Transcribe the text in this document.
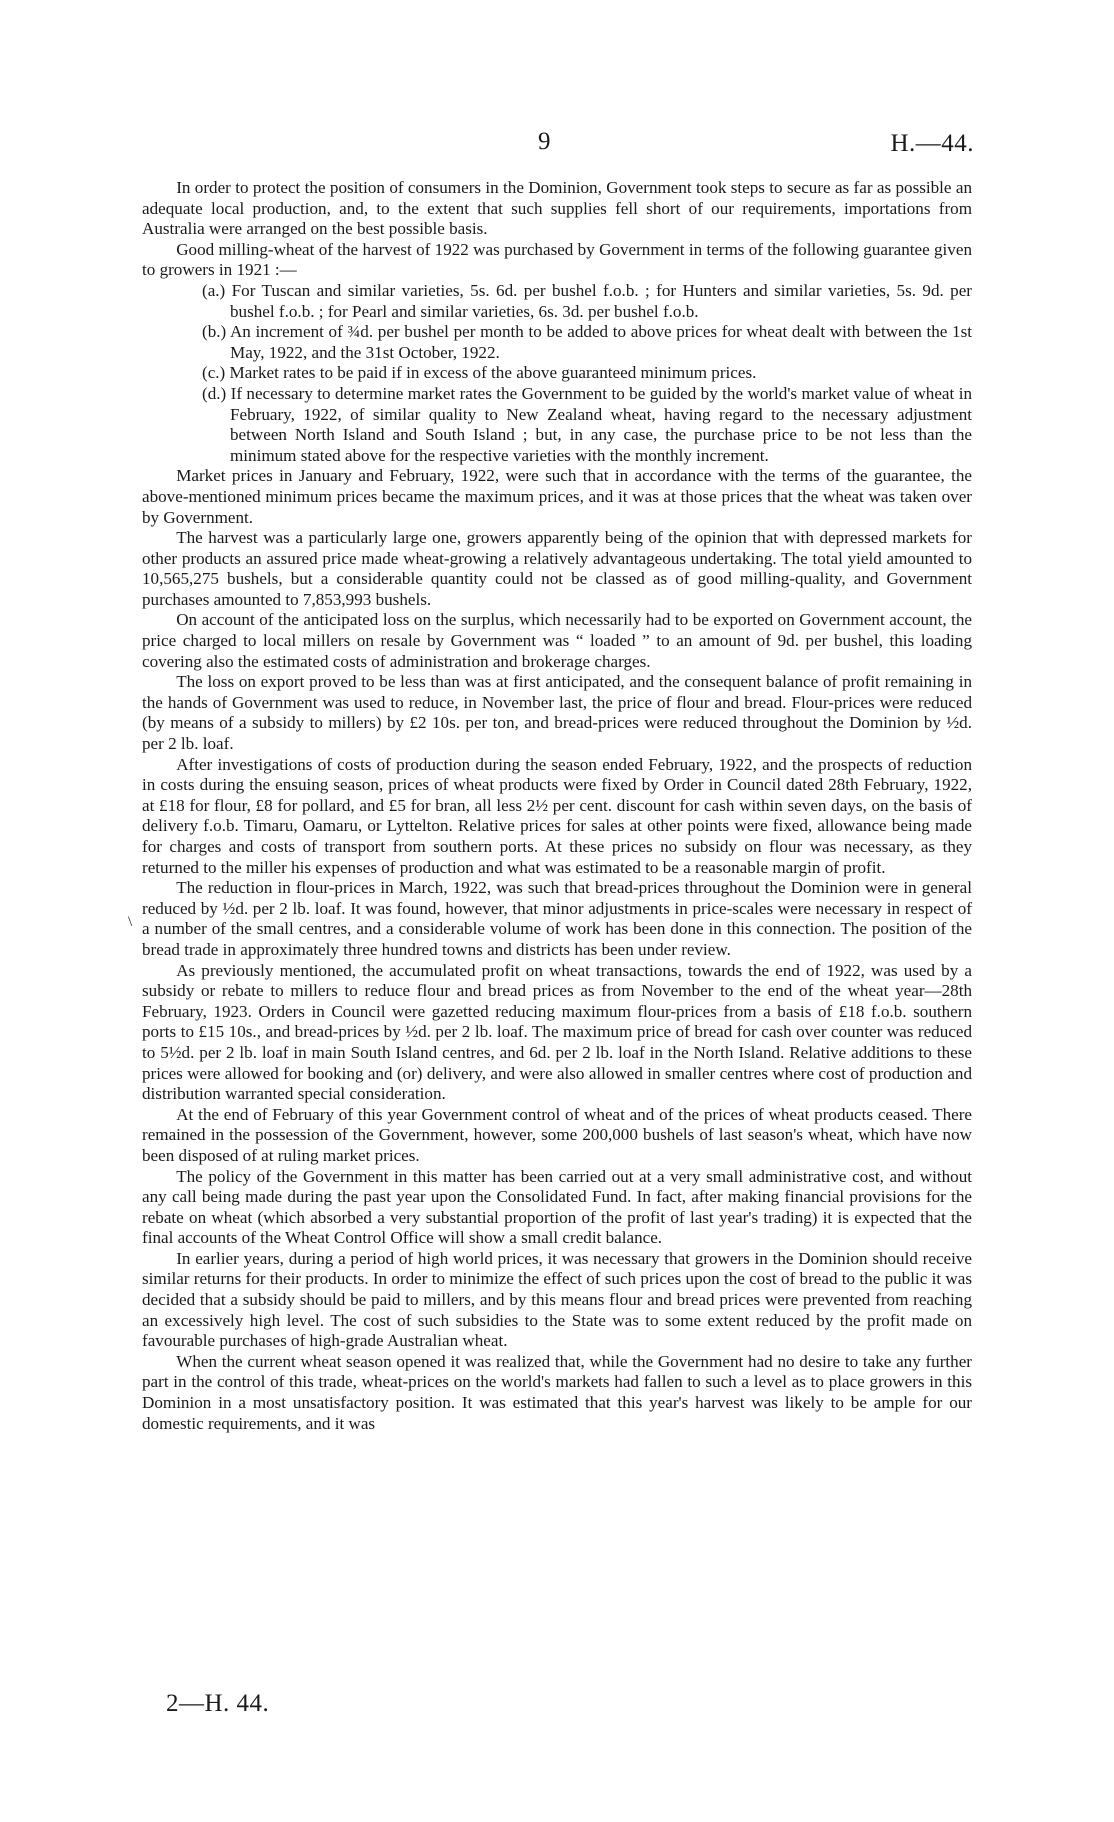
9	H.—44.
\

In order to protect the position of consumers in the Dominion, Government took steps to secure as far as possible an adequate local production, and, to the extent that such supplies fell short of our requirements, importations from Australia were arranged on the best possible basis.

Good milling-wheat of the harvest of 1922 was purchased by Government in terms of the following guarantee given to growers in 1921 :—

(a.) For Tuscan and similar varieties, 5s. 6d. per bushel f.o.b. ; for Hunters and similar varieties, 5s. 9d. per bushel f.o.b. ; for Pearl and similar varieties, 6s. 3d. per bushel f.o.b.

(b.) An increment of ¾d. per bushel per month to be added to above prices for wheat dealt with between the 1st May, 1922, and the 31st October, 1922.

(c.) Market rates to be paid if in excess of the above guaranteed minimum prices.

(d.) If necessary to determine market rates the Government to be guided by the world's market value of wheat in February, 1922, of similar quality to New Zealand wheat, having regard to the necessary adjustment between North Island and South Island ; but, in any case, the purchase price to be not less than the minimum stated above for the respective varieties with the monthly increment.

Market prices in January and February, 1922, were such that in accordance with the terms of the guarantee, the above-mentioned minimum prices became the maximum prices, and it was at those prices that the wheat was taken over by Government.

The harvest was a particularly large one, growers apparently being of the opinion that with depressed markets for other products an assured price made wheat-growing a relatively advantageous undertaking. The total yield amounted to 10,565,275 bushels, but a considerable quantity could not be classed as of good milling-quality, and Government purchases amounted to 7,853,993 bushels.

On account of the anticipated loss on the surplus, which necessarily had to be exported on Government account, the price charged to local millers on resale by Government was “ loaded ” to an amount of 9d. per bushel, this loading covering also the estimated costs of administration and brokerage charges.

The loss on export proved to be less than was at first anticipated, and the consequent balance of profit remaining in the hands of Government was used to reduce, in November last, the price of flour and bread. Flour-prices were reduced (by means of a subsidy to millers) by £2 10s. per ton, and bread-prices were reduced throughout the Dominion by ½d. per 2 lb. loaf.

After investigations of costs of production during the season ended February, 1922, and the prospects of reduction in costs during the ensuing season, prices of wheat products were fixed by Order in Council dated 28th February, 1922, at £18 for flour, £8 for pollard, and £5 for bran, all less 2½ per cent. discount for cash within seven days, on the basis of delivery f.o.b. Timaru, Oamaru, or Lyttelton. Relative prices for sales at other points were fixed, allowance being made for charges and costs of transport from southern ports. At these prices no subsidy on flour was necessary, as they returned to the miller his expenses of production and what was estimated to be a reasonable margin of profit.

The reduction in flour-prices in March, 1922, was such that bread-prices throughout the Dominion were in general reduced by ½d. per 2 lb. loaf. It was found, however, that minor adjustments in price-scales were necessary in respect of a number of the small centres, and a considerable volume of work has been done in this connection. The position of the bread trade in approximately three hundred towns and districts has been under review.

As previously mentioned, the accumulated profit on wheat transactions, towards the end of 1922, was used by a subsidy or rebate to millers to reduce flour and bread prices as from November to the end of the wheat year—28th February, 1923. Orders in Council were gazetted reducing maximum flour-prices from a basis of £18 f.o.b. southern ports to £15 10s., and bread-prices by ½d. per 2 lb. loaf. The maximum price of bread for cash over counter was reduced to 5½d. per 2 lb. loaf in main South Island centres, and 6d. per 2 lb. loaf in the North Island. Relative additions to these prices were allowed for booking and (or) delivery, and were also allowed in smaller centres where cost of production and distribution warranted special consideration.

At the end of February of this year Government control of wheat and of the prices of wheat products ceased. There remained in the possession of the Government, however, some 200,000 bushels of last season's wheat, which have now been disposed of at ruling market prices.

The policy of the Government in this matter has been carried out at a very small administrative cost, and without any call being made during the past year upon the Consolidated Fund. In fact, after making financial provisions for the rebate on wheat (which absorbed a very substantial proportion of the profit of last year's trading) it is expected that the final accounts of the Wheat Control Office will show a small credit balance.

In earlier years, during a period of high world prices, it was necessary that growers in the Dominion should receive similar returns for their products. In order to minimize the effect of such prices upon the cost of bread to the public it was decided that a subsidy should be paid to millers, and by this means flour and bread prices were prevented from reaching an excessively high level. The cost of such subsidies to the State was to some extent reduced by the profit made on favourable purchases of high-grade Australian wheat.

When the current wheat season opened it was realized that, while the Government had no desire to take any further part in the control of this trade, wheat-prices on the world's markets had fallen to such a level as to place growers in this Dominion in a most unsatisfactory position. It was estimated that this year's harvest was likely to be ample for our domestic requirements, and it was

2—H. 44.
